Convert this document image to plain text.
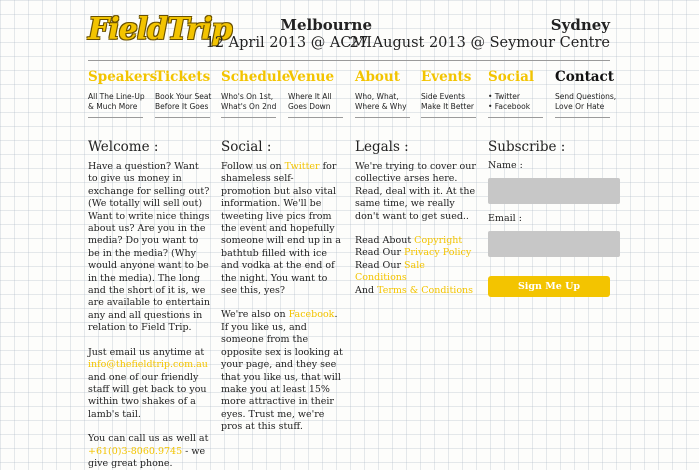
FieldTrip	Melbourne
12 April 2013 @ ACMI
Sydney
27 August 2013 @ Seymour Centre
Speakers
All The Line-Up
& Much More
Tickets
Book Your Seat
Before It Goes
Schedule
Who's On 1st,
What's On 2nd
Venue
Where It All
Goes Down
About
Who, What,
Where & Why
Events
Side Events
Make It Better
Social
• Twitter
• Facebook
Contact
Send Questions,
Love Or Hate
Welcome :

Have a question? Want to give us money in exchange for selling out? (We totally will sell out) Want to write nice things about us? Are you in the media? Do you want to be in the media? (Why would anyone want to be in the media). The long and the short of it is, we are available to entertain any and all questions in relation to Field Trip.

Just email us anytime at info@thefieldtrip.com.au and one of our friendly staff will get back to you within two shakes of a lamb's tail.

You can call us as well at +61(0)3-8060.9745 - we give great phone.

Social :

Follow us on Twitter for shameless self-promotion but also vital information. We'll be tweeting live pics from the event and hopefully someone will end up in a bathtub filled with ice and vodka at the end of the night. You want to see this, yes?

We're also on Facebook. If you like us, and someone from the opposite sex is looking at your page, and they see that you like us, that will make you at least 15% more attractive in their eyes. Trust me, we're pros at this stuff.

Legals :

We're trying to cover our collective arses here. Read, deal with it. At the same time, we really don't want to get sued..

Read About Copyright
Read Our Privacy Policy
Read Our Sale Conditions
And Terms & Conditions

Subscribe :
Name :
Email :
Sign Me Up
